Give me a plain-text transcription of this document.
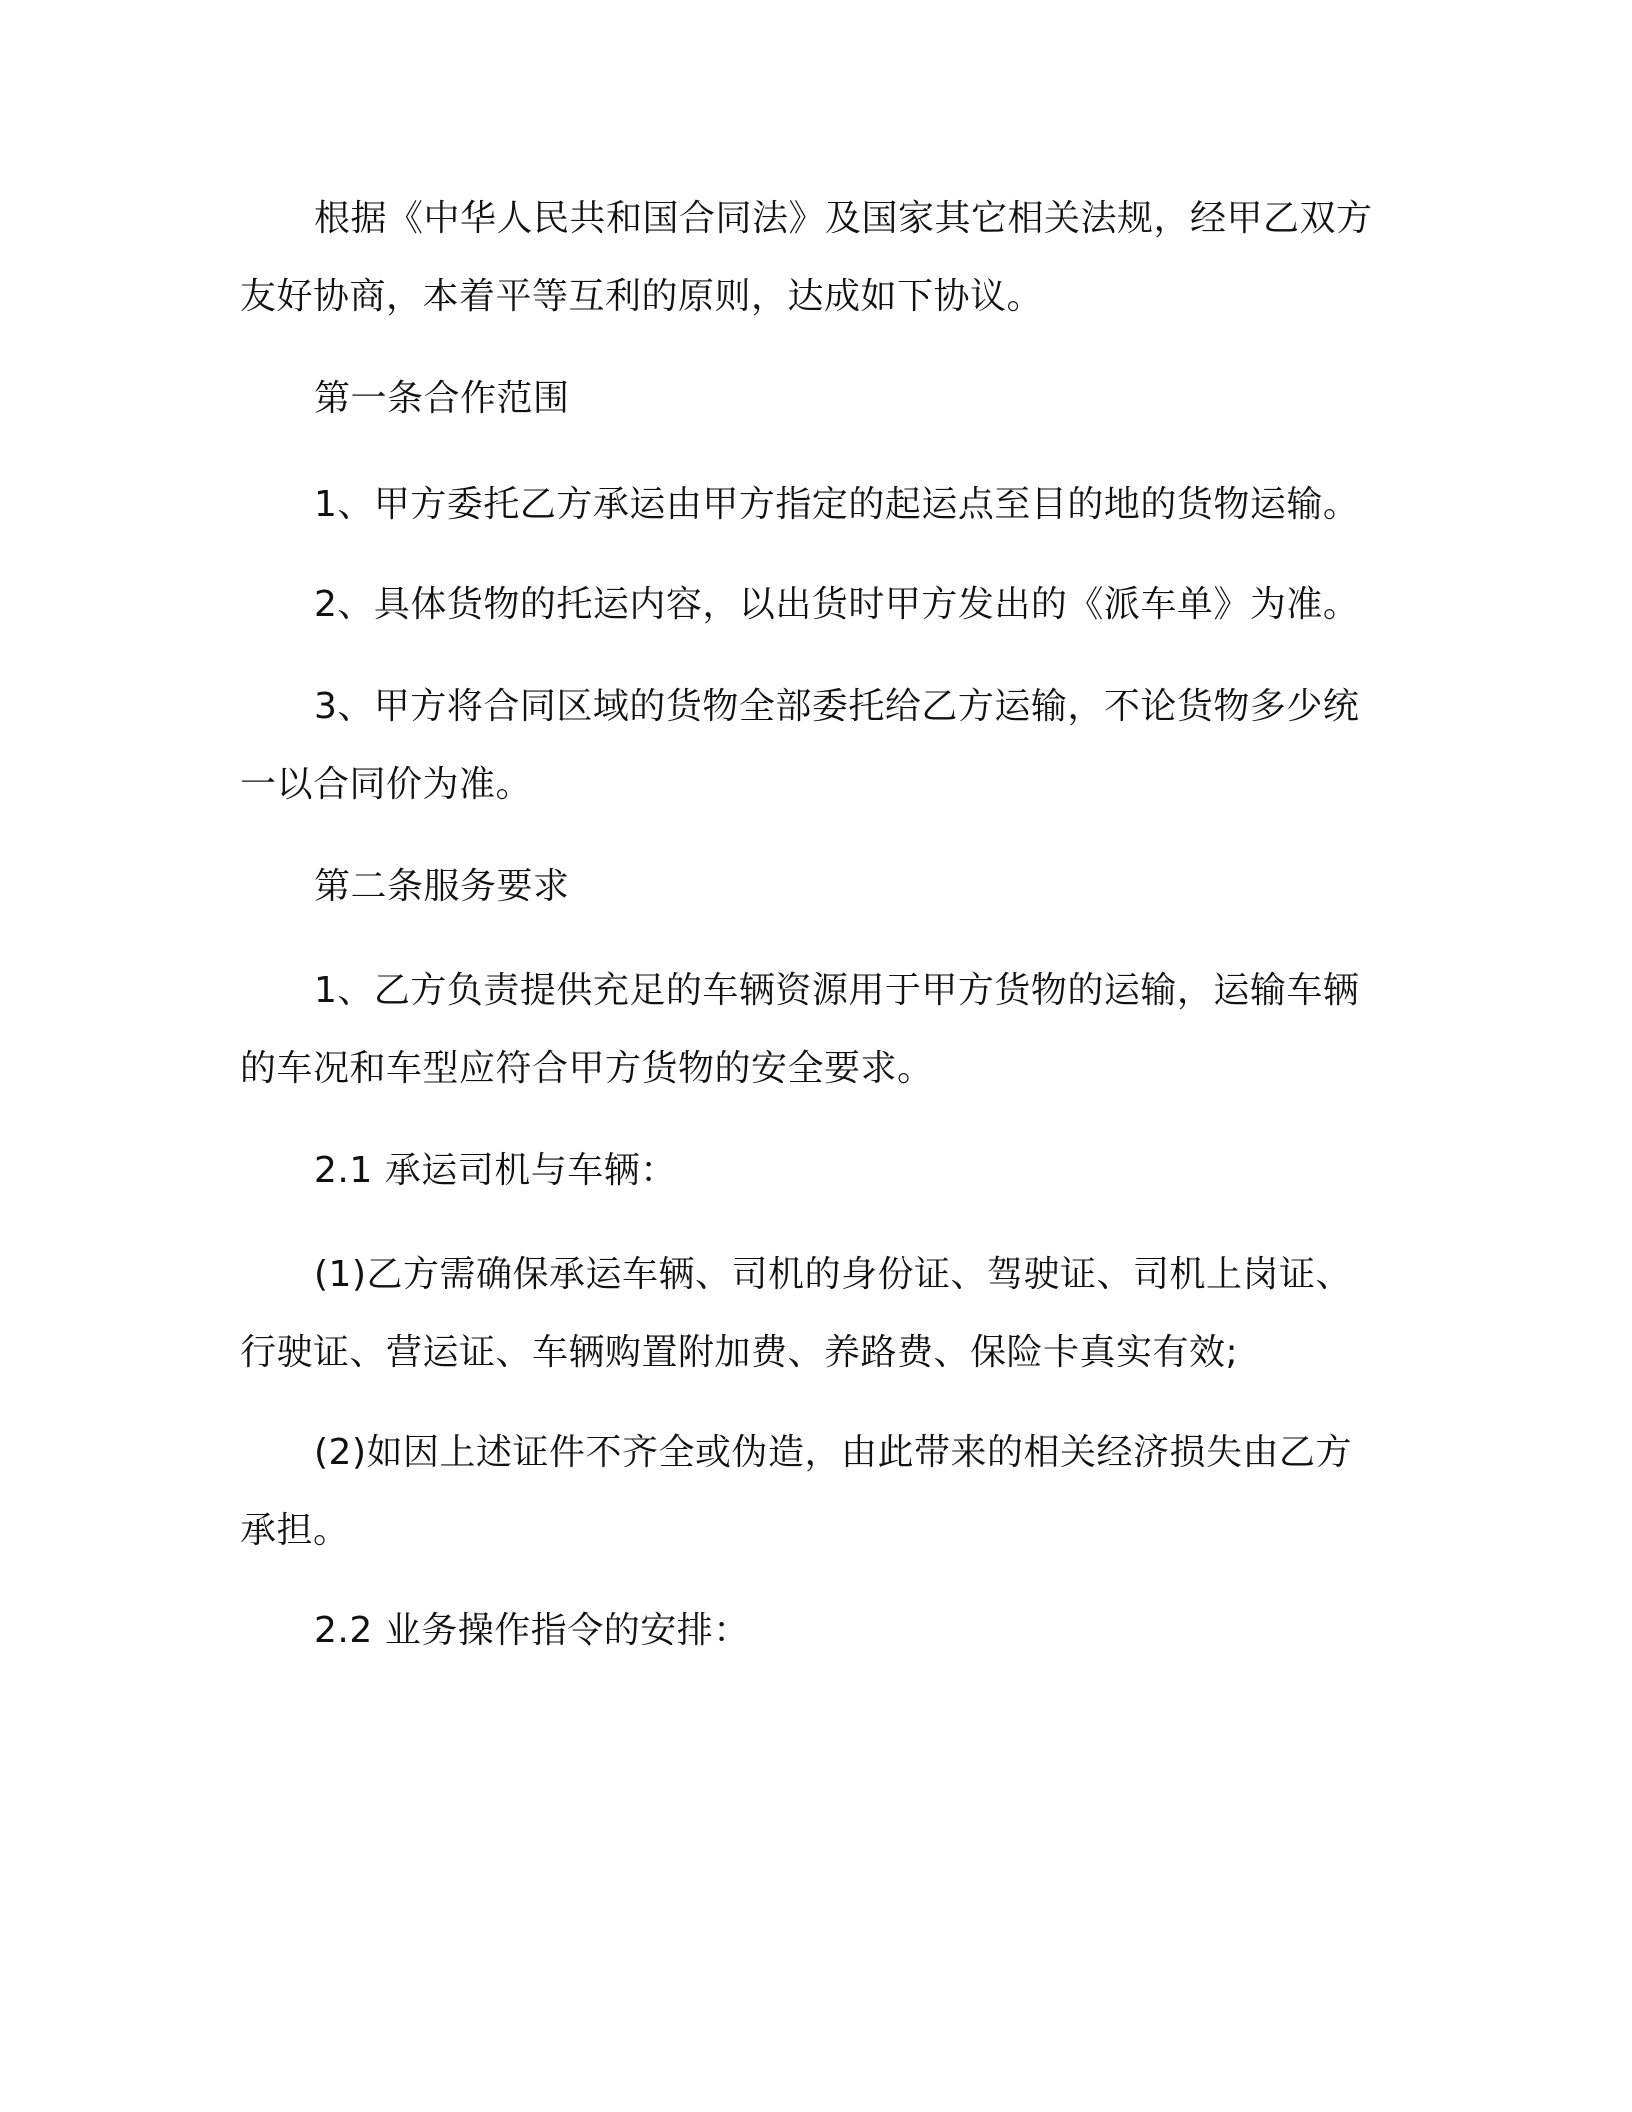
根据《中华人民共和国合同法》及国家其它相关法规，经甲乙双方友好协商，本着平等互利的原则，达成如下协议。

第一条合作范围

1、甲方委托乙方承运由甲方指定的起运点至目的地的货物运输。

2、具体货物的托运内容，以出货时甲方发出的《派车单》为准。

3、甲方将合同区域的货物全部委托给乙方运输，不论货物多少统一以合同价为准。

第二条服务要求

1、乙方负责提供充足的车辆资源用于甲方货物的运输，运输车辆的车况和车型应符合甲方货物的安全要求。

2.1 承运司机与车辆：

(1)乙方需确保承运车辆、司机的身份证、驾驶证、司机上岗证、行驶证、营运证、车辆购置附加费、养路费、保险卡真实有效;

(2)如因上述证件不齐全或伪造，由此带来的相关经济损失由乙方承担。

2.2 业务操作指令的安排：
